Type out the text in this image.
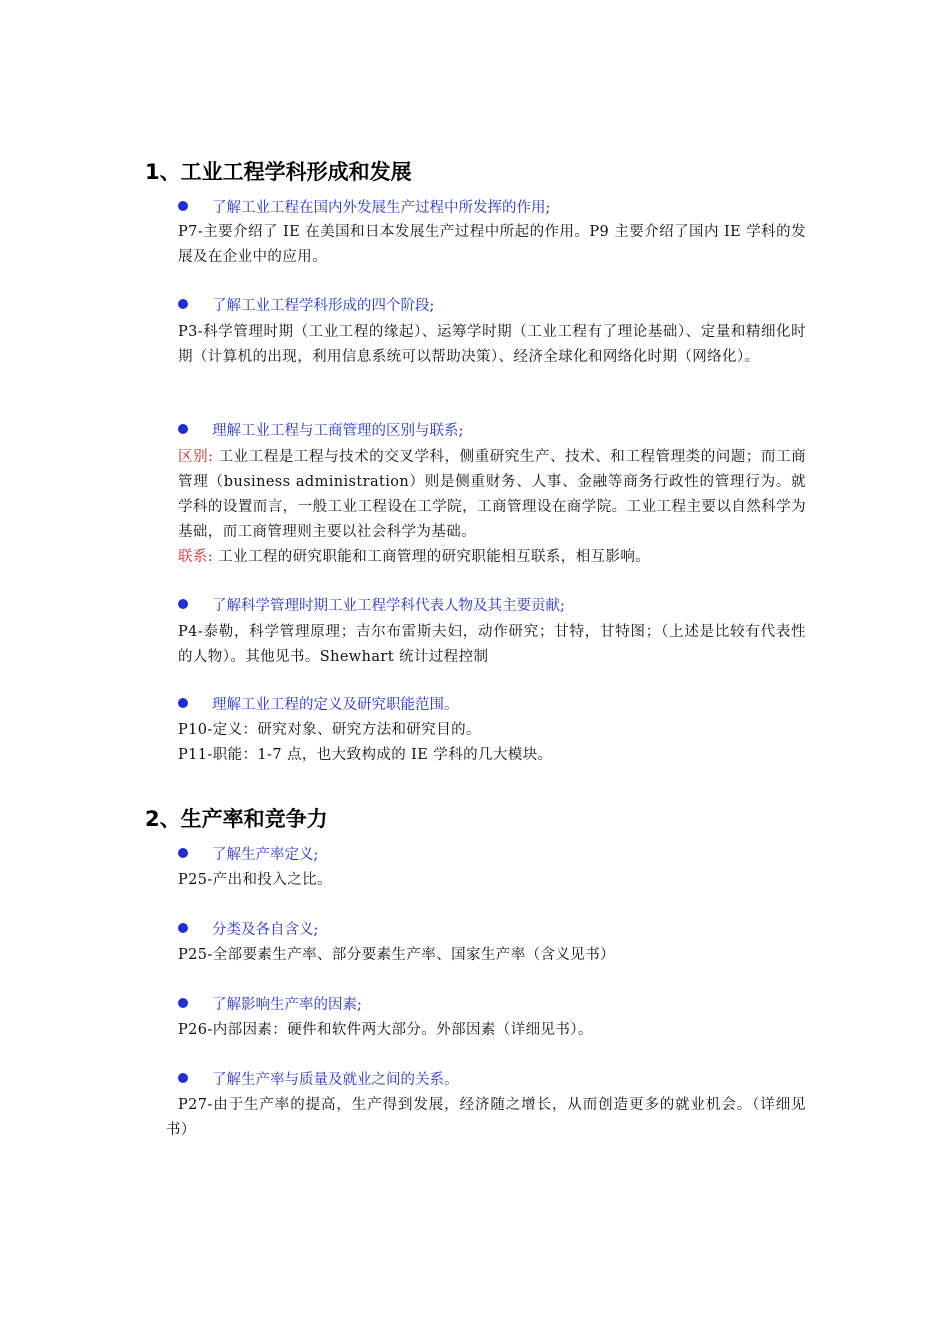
1、工业工程学科形成和发展
了解工业工程在国内外发展生产过程中所发挥的作用;

P7-主要介绍了 IE 在美国和日本发展生产过程中所起的作用。P9 主要介绍了国内 IE 学科的发展及在企业中的应用。

了解工业工程学科形成的四个阶段;

P3-科学管理时期（工业工程的缘起）、运筹学时期（工业工程有了理论基础）、定量和精细化时期（计算机的出现，利用信息系统可以帮助决策）、经济全球化和网络化时期（网络化）。

理解工业工程与工商管理的区别与联系;

区别: 工业工程是工程与技术的交叉学科，侧重研究生产、技术、和工程管理类的问题；而工商管理（business administration）则是侧重财务、人事、金融等商务行政性的管理行为。就学科的设置而言，一般工业工程设在工学院，工商管理设在商学院。工业工程主要以自然科学为基础，而工商管理则主要以社会科学为基础。

联系: 工业工程的研究职能和工商管理的研究职能相互联系，相互影响。

了解科学管理时期工业工程学科代表人物及其主要贡献;

P4-泰勒，科学管理原理；吉尔布雷斯夫妇，动作研究；甘特，甘特图；（上述是比较有代表性的人物）。其他见书。Shewhart 统计过程控制

理解工业工程的定义及研究职能范围。

P10-定义：研究对象、研究方法和研究目的。

P11-职能：1-7 点，也大致构成的 IE 学科的几大模块。

2、生产率和竞争力
了解生产率定义;

P25-产出和投入之比。

分类及各自含义;

P25-全部要素生产率、部分要素生产率、国家生产率（含义见书）

了解影响生产率的因素;

P26-内部因素：硬件和软件两大部分。外部因素（详细见书）。

了解生产率与质量及就业之间的关系。

P27-由于生产率的提高，生产得到发展，经济随之增长，从而创造更多的就业机会。（详细见书）
